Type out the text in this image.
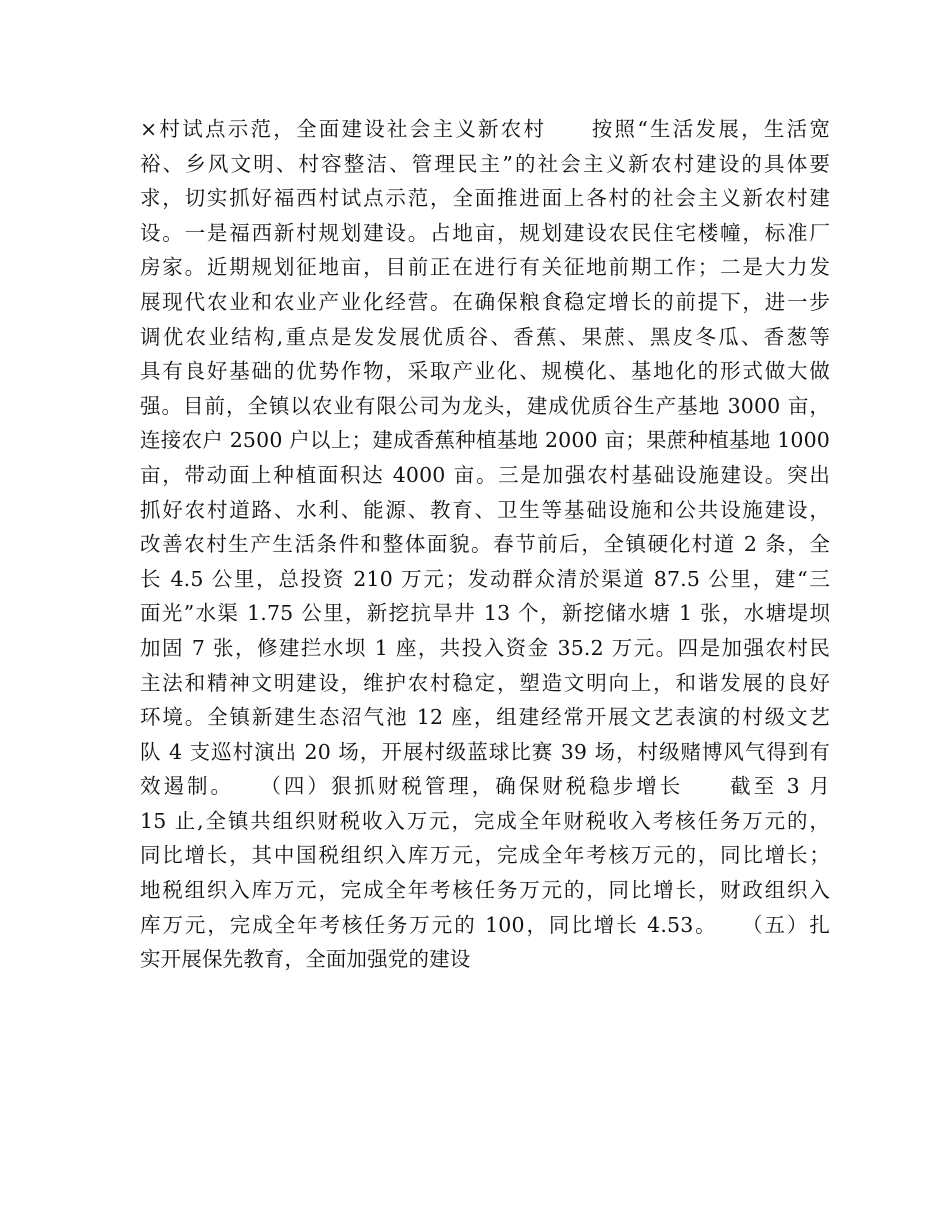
×村试点示范，全面建设社会主义新农村　　按照“生活发展，生活宽
裕、乡风文明、村容整洁、管理民主”的社会主义新农村建设的具体要
求，切实抓好福西村试点示范，全面推进面上各村的社会主义新农村建
设。一是福西新村规划建设。占地亩，规划建设农民住宅楼幢，标准厂
房家。近期规划征地亩，目前正在进行有关征地前期工作；二是大力发
展现代农业和农业产业化经营。在确保粮食稳定增长的前提下，进一步
调优农业结构,重点是发发展优质谷、香蕉、果蔗、黑皮冬瓜、香葱等
具有良好基础的优势作物，采取产业化、规模化、基地化的形式做大做
强。目前，全镇以农业有限公司为龙头，建成优质谷生产基地 3000 亩，
连接农户 2500 户以上；建成香蕉种植基地 2000 亩；果蔗种植基地 1000
亩，带动面上种植面积达 4000 亩。三是加强农村基础设施建设。突出
抓好农村道路、水利、能源、教育、卫生等基础设施和公共设施建设，
改善农村生产生活条件和整体面貌。春节前后，全镇硬化村道 2 条，全
长 4.5 公里，总投资 210 万元；发动群众清於渠道 87.5 公里，建“三
面光”水渠 1.75 公里，新挖抗旱井 13 个，新挖储水塘 1 张，水塘堤坝
加固 7 张，修建拦水坝 1 座，共投入资金 35.2 万元。四是加强农村民
主法和精神文明建设，维护农村稳定，塑造文明向上，和谐发展的良好
环境。全镇新建生态沼气池 12 座，组建经常开展文艺表演的村级文艺
队 4 支巡村演出 20 场，开展村级蓝球比赛 39 场，村级赌博风气得到有
效遏制。　　（四）狠抓财税管理，确保财税稳步增长　　截至 3 月
15 止,全镇共组织财税收入万元，完成全年财税收入考核任务万元的，
同比增长，其中国税组织入库万元，完成全年考核万元的，同比增长；
地税组织入库万元，完成全年考核任务万元的，同比增长，财政组织入
库万元，完成全年考核任务万元的 100，同比增长 4.53。　　（五）扎
实开展保先教育，全面加强党的建设
